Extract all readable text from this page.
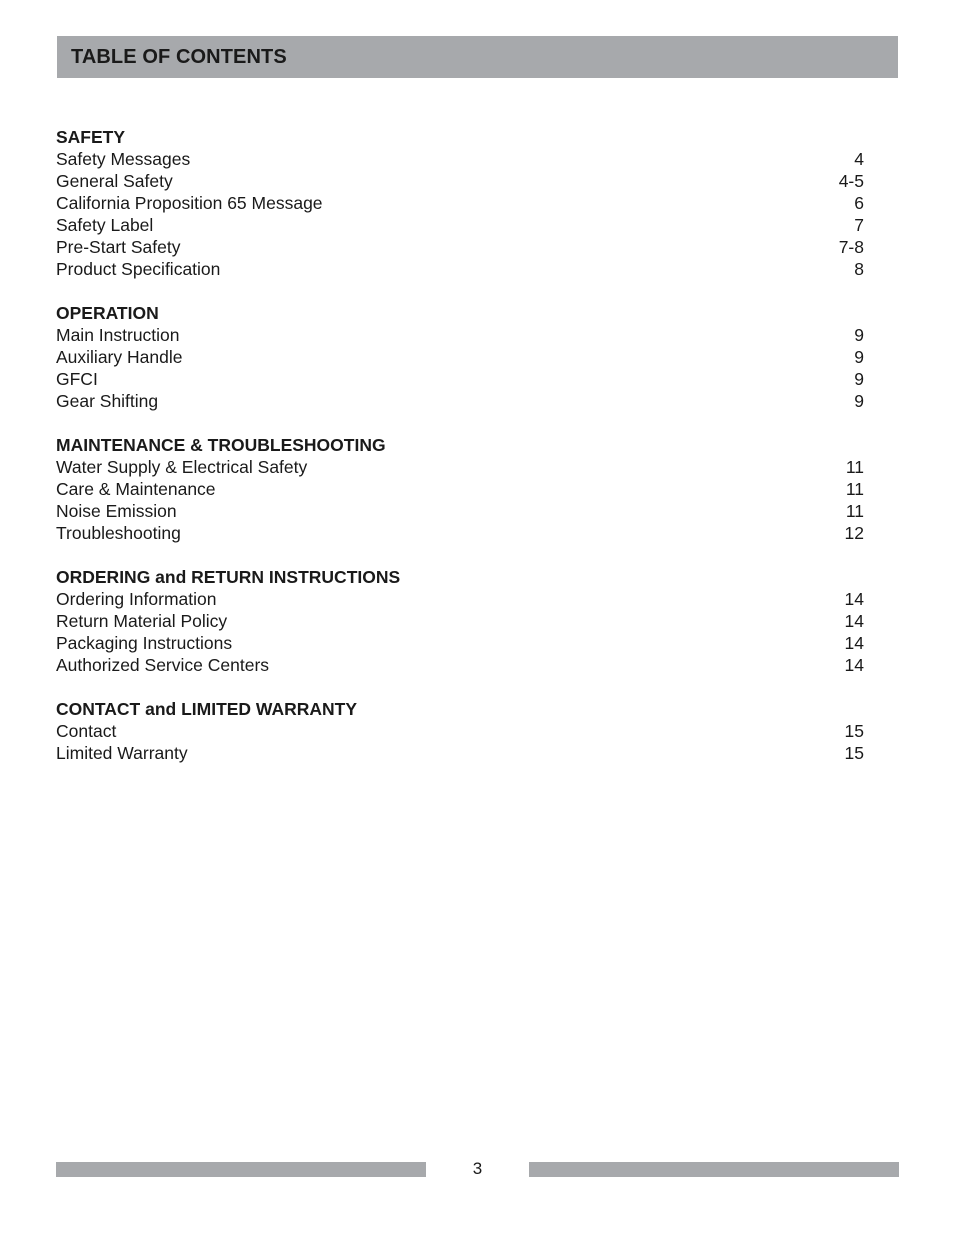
TABLE OF CONTENTS
SAFETY
Safety Messages	4
General Safety	4-5
California Proposition 65 Message	6
Safety Label	7
Pre-Start Safety	7-8
Product Specification	8
OPERATION
Main Instruction	9
Auxiliary Handle	9
GFCI	9
Gear Shifting	9
MAINTENANCE & TROUBLESHOOTING
Water Supply & Electrical Safety	11
Care & Maintenance	11
Noise Emission	11
Troubleshooting	12
ORDERING and RETURN INSTRUCTIONS
Ordering Information	14
Return Material Policy	14
Packaging Instructions	14
Authorized Service Centers	14
CONTACT and LIMITED WARRANTY
Contact	15
Limited Warranty	15
3
